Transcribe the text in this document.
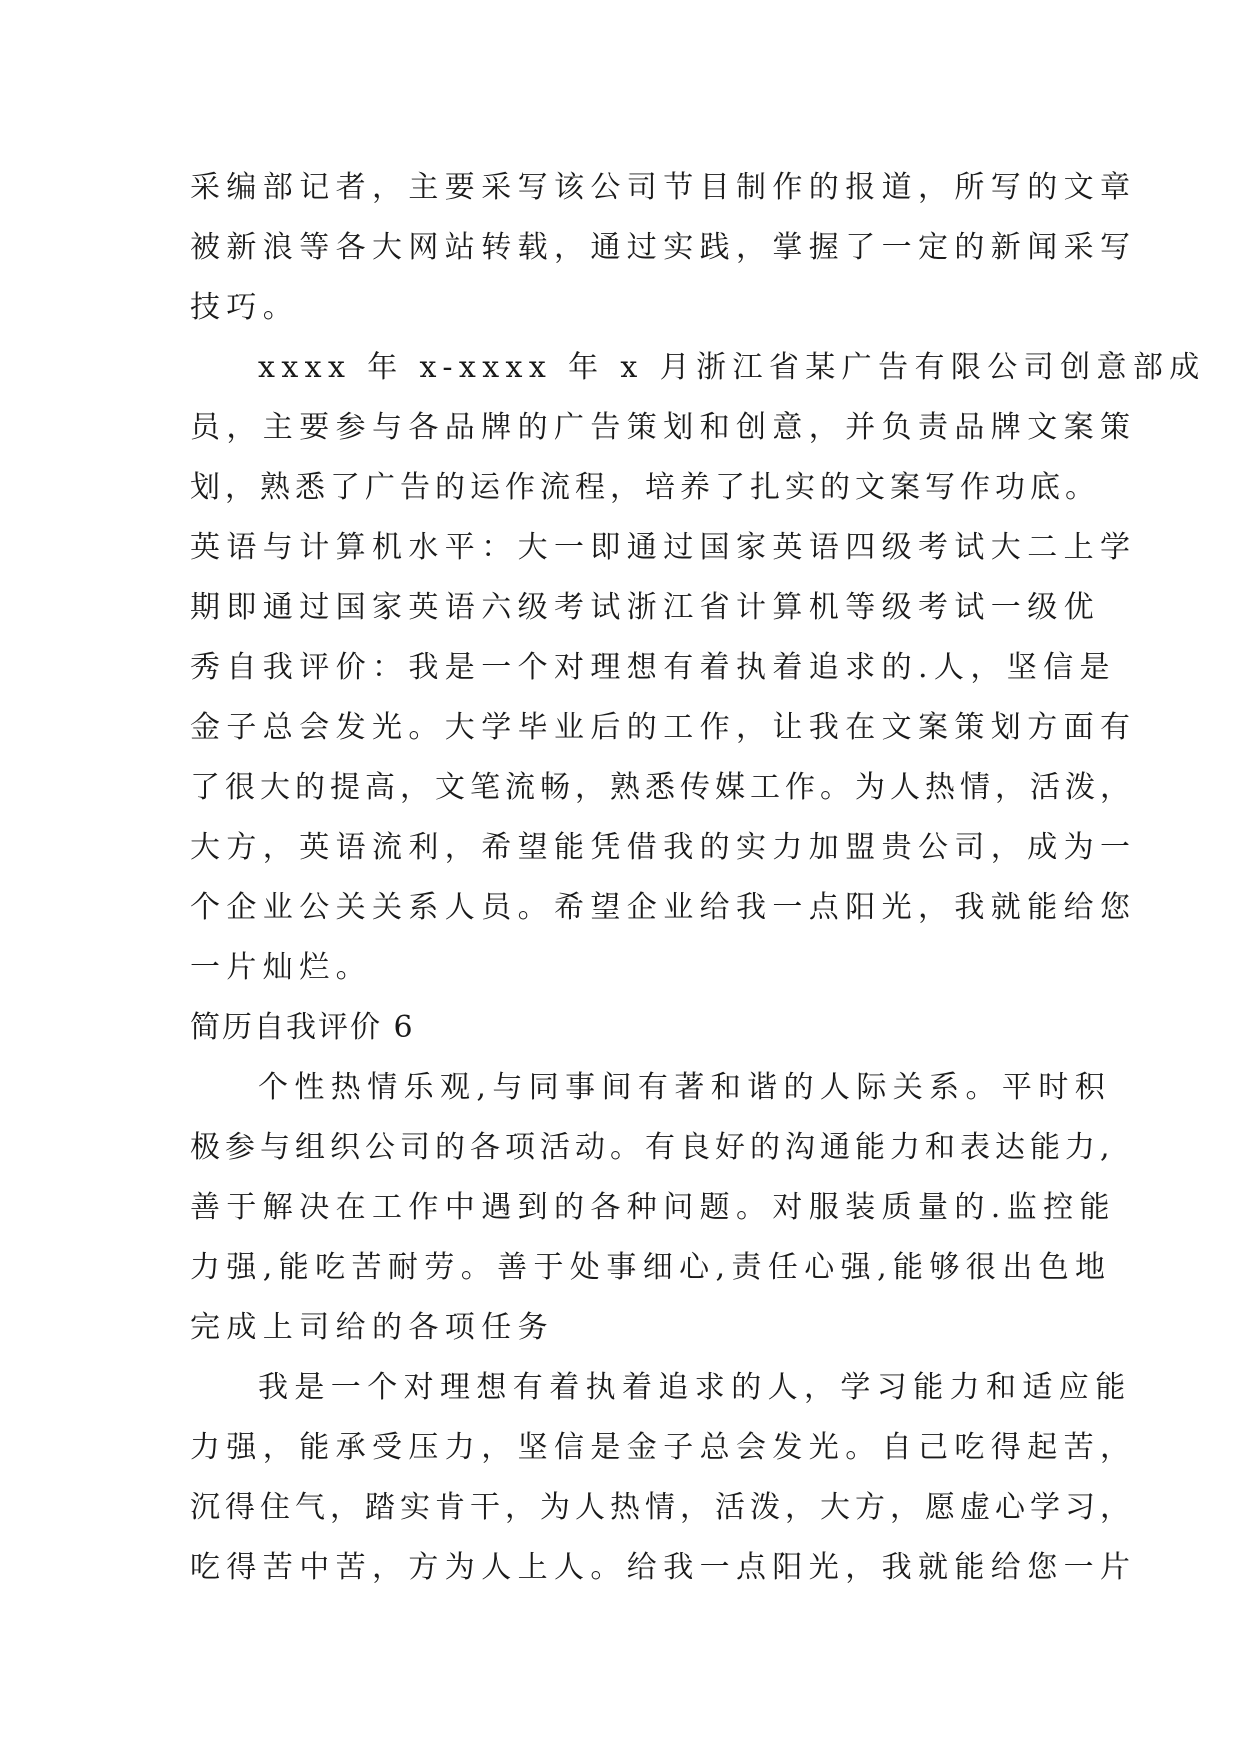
采编部记者，主要采写该公司节目制作的报道，所写的文章
被新浪等各大网站转载，通过实践，掌握了一定的新闻采写
技巧。
xxxx 年 x-xxxx 年 x 月浙江省某广告有限公司创意部成
员，主要参与各品牌的广告策划和创意，并负责品牌文案策
划，熟悉了广告的运作流程，培养了扎实的文案写作功底。
英语与计算机水平：大一即通过国家英语四级考试大二上学
期即通过国家英语六级考试浙江省计算机等级考试一级优
秀自我评价：我是一个对理想有着执着追求的.人，坚信是
金子总会发光。大学毕业后的工作，让我在文案策划方面有
了很大的提高，文笔流畅，熟悉传媒工作。为人热情，活泼，
大方，英语流利，希望能凭借我的实力加盟贵公司，成为一
个企业公关关系人员。希望企业给我一点阳光，我就能给您
一片灿烂。
简历自我评价 6
个性热情乐观,与同事间有著和谐的人际关系。平时积
极参与组织公司的各项活动。有良好的沟通能力和表达能力,
善于解决在工作中遇到的各种问题。对服装质量的.监控能
力强,能吃苦耐劳。善于处事细心,责任心强,能够很出色地
完成上司给的各项任务
我是一个对理想有着执着追求的人，学习能力和适应能
力强，能承受压力，坚信是金子总会发光。自己吃得起苦，
沉得住气，踏实肯干，为人热情，活泼，大方，愿虚心学习，
吃得苦中苦，方为人上人。给我一点阳光，我就能给您一片
